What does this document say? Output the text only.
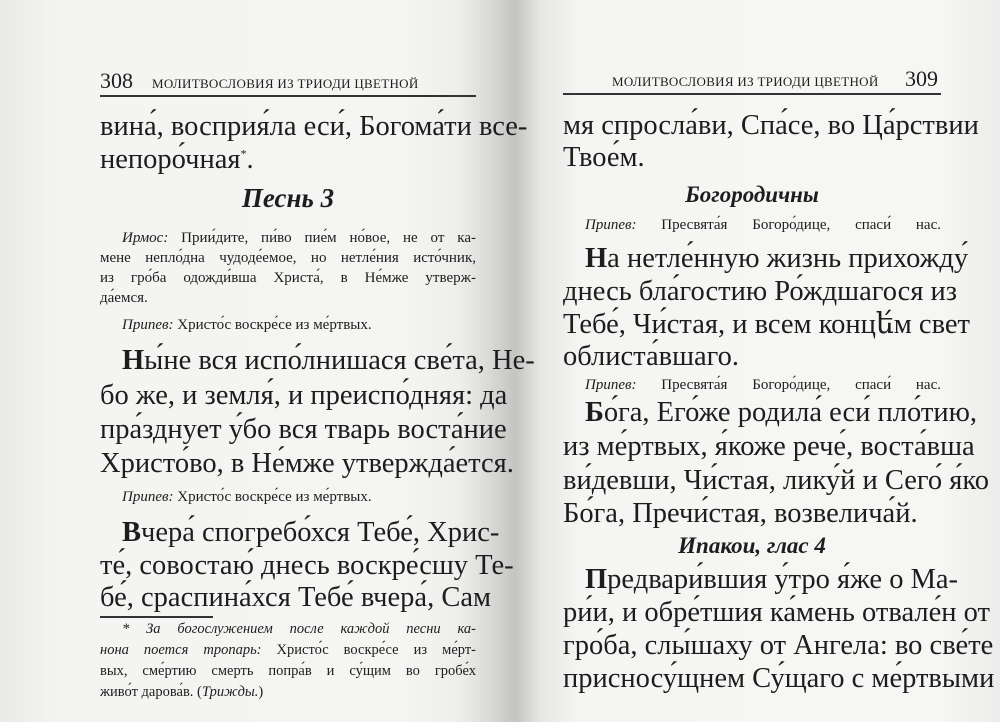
308 МОЛИТВОСЛОВИЯ ИЗ ТРИОДИ ЦВЕТНОЙ
вина́, восприя́ла еси́, Богома́ти все-
непоро́чная*.
Песнь 3
Ирмос: Прии́дите, пи́во пие́м но́вое, не от ка-
мене непло́дна чудоде́емое, но нетле́ния исто́чник,
из гро́ба одожди́вша Христа́, в Не́мже утверж-
да́емся.
Припев: Христо́с воскре́се из ме́ртвых.
Ны́не вся испо́лнишася све́та, Не-
бо же, и земля́, и преиспо́дняя: да
пра́зднует у́бо вся тварь воста́ние
Христо́во, в Не́мже утвержда́ется.
Припев: Христо́с воскре́се из ме́ртвых.
Вчера́ спогребо́хся Тебе́, Хрис-
те́, совостаю́ днесь воскре́сшу Те-
бе́, сраспина́хся Тебе́ вчера́, Сам
* За богослужением после каждой песни ка-
нона поется тропарь: Христо́с воскре́се из ме́рт-
вых, сме́ртию смерть попра́в и су́щим во гробе́х
живо́т дарова́в. (Трижды.)
МОЛИТВОСЛОВИЯ ИЗ ТРИОДИ ЦВЕТНОЙ 309
мя спросла́ви, Спа́се, во Ца́рствии
Твое́м.
Богородичны
Припев: Пресвята́я Богоро́дице, спаси́ нас.
На нетле́нную жизнь прихожду́
днесь бла́гостию Ро́ждшагося из
Тебе́, Чи́стая, и всем концե́м свет
облиста́вшаго.
Припев: Пресвята́я Богоро́дице, спаси́ нас.
Бо́га, Его́же родила́ еси́ пло́тию,
из ме́ртвых, я́коже рече́, воста́вша
ви́девши, Чи́стая, лику́й и Сего́ я́ко
Бо́га, Пречи́стая, возвелича́й.
Ипакои, глас 4
Предвари́вшия у́тро я́же о Ма-
ри́и, и обре́тшия ка́мень отвале́н от
гро́ба, слы́шаху от Ангела: во све́те
присносу́щнем Су́щаго с ме́ртвыми
